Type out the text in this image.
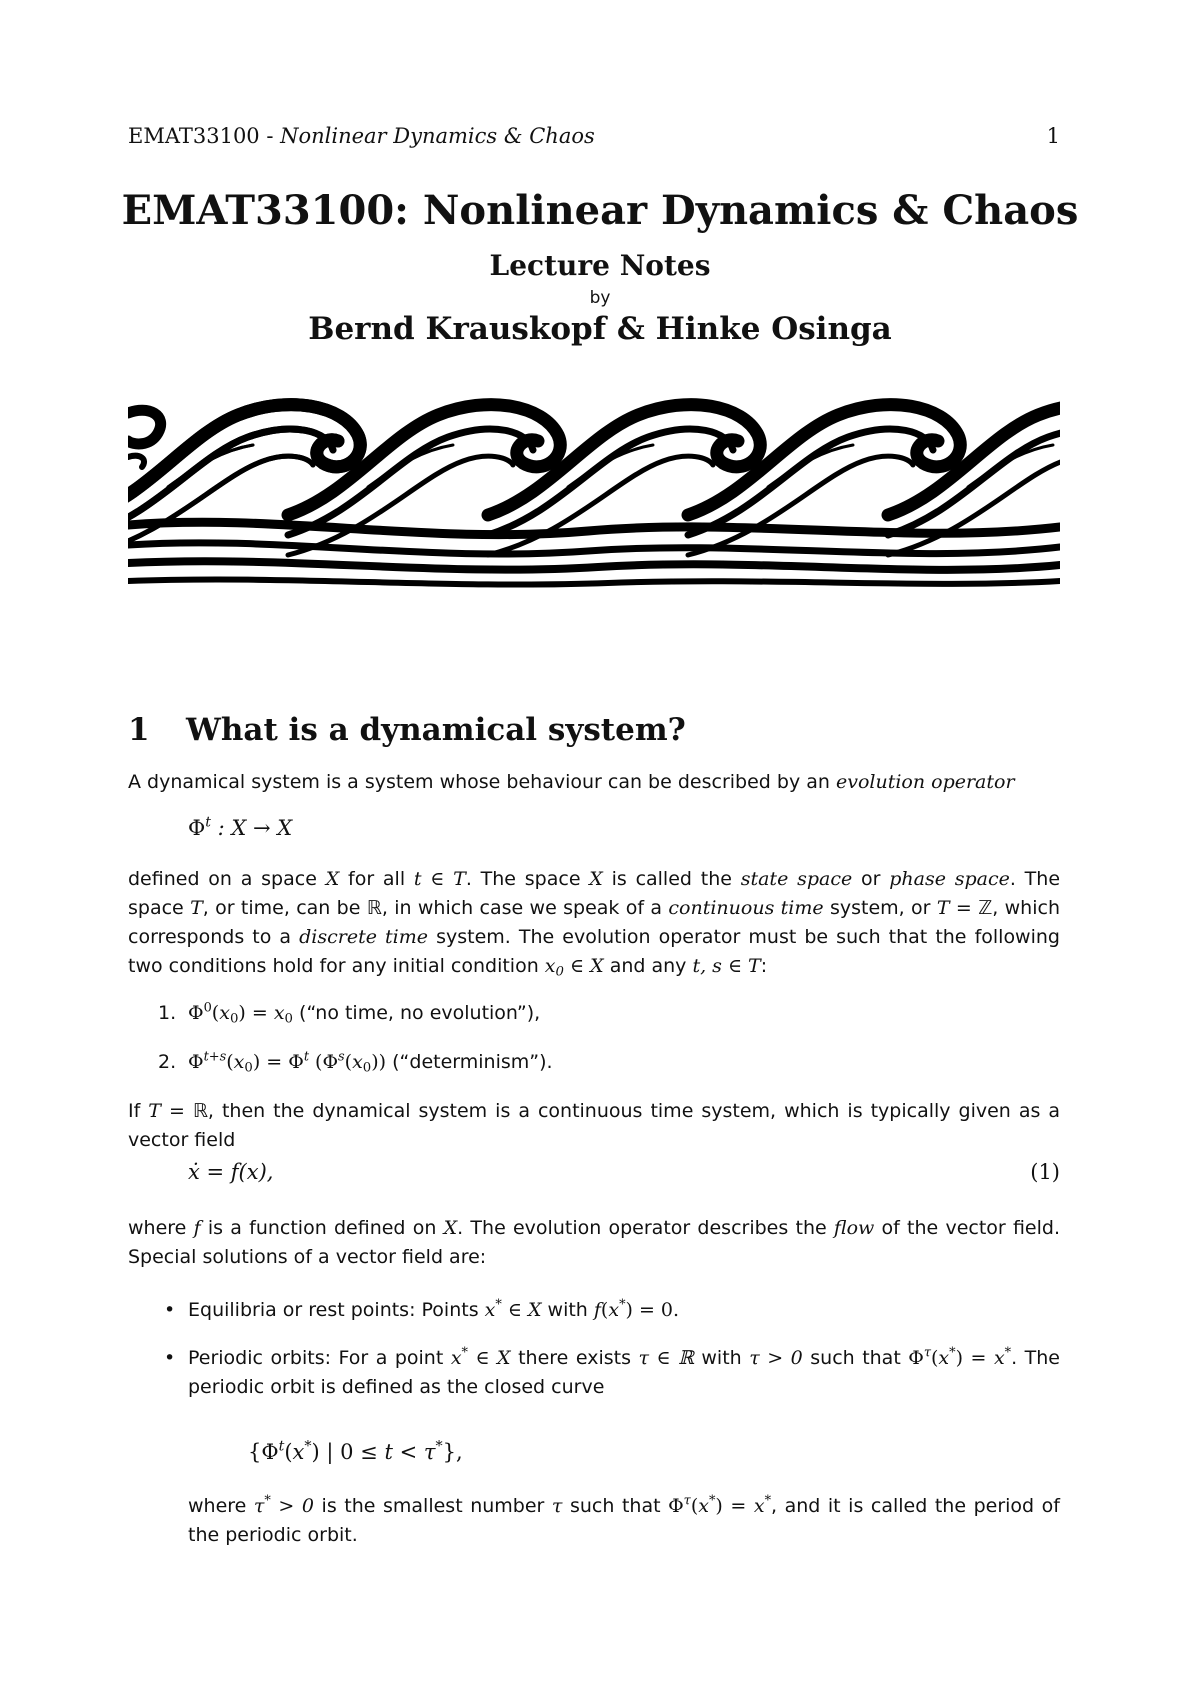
EMAT33100 - Nonlinear Dynamics & Chaos	1
EMAT33100: Nonlinear Dynamics & Chaos
Lecture Notes
by
Bernd Krauskopf & Hinke Osinga
1 What is a dynamical system?
A dynamical system is a system whose behaviour can be described by an evolution operator
$\Phi^t$ : X → X
defined on a space X for all t ∈ T. The space X is called the state space or phase space. The space T, or time, can be ℝ, in which case we speak of a continuous time system, or T = ℤ, which corresponds to a discrete time system. The evolution operator must be such that the following two conditions hold for any initial condition $x_0$ ∈ X and any t, s ∈ T:
1. $\Phi^0(x_0) = x_0$ (“no time, no evolution”),
2. $\Phi^{t+s}(x_0) = \Phi^t$ $(\Phi^s(x_0))$ (“determinism”).
If T = ℝ, then the dynamical system is a continuous time system, which is typically given as a vector field
ẋ = f(x),	(1)
where f is a function defined on X. The evolution operator describes the flow of the vector field. Special solutions of a vector field are:
• Equilibria or rest points: Points x* ∈ X with f(x*) = 0.
• Periodic orbits: For a point x* ∈ X there exists τ ∈ ℝ with τ > 0 such that $\Phi^\tau(x^*) = x^*$. The periodic orbit is defined as the closed curve
{$\Phi^t(x^*)$ | 0 ≤ t < τ*},
where τ* > 0 is the smallest number τ such that $\Phi^\tau(x^*) = x^*$, and it is called the period of the periodic orbit.
